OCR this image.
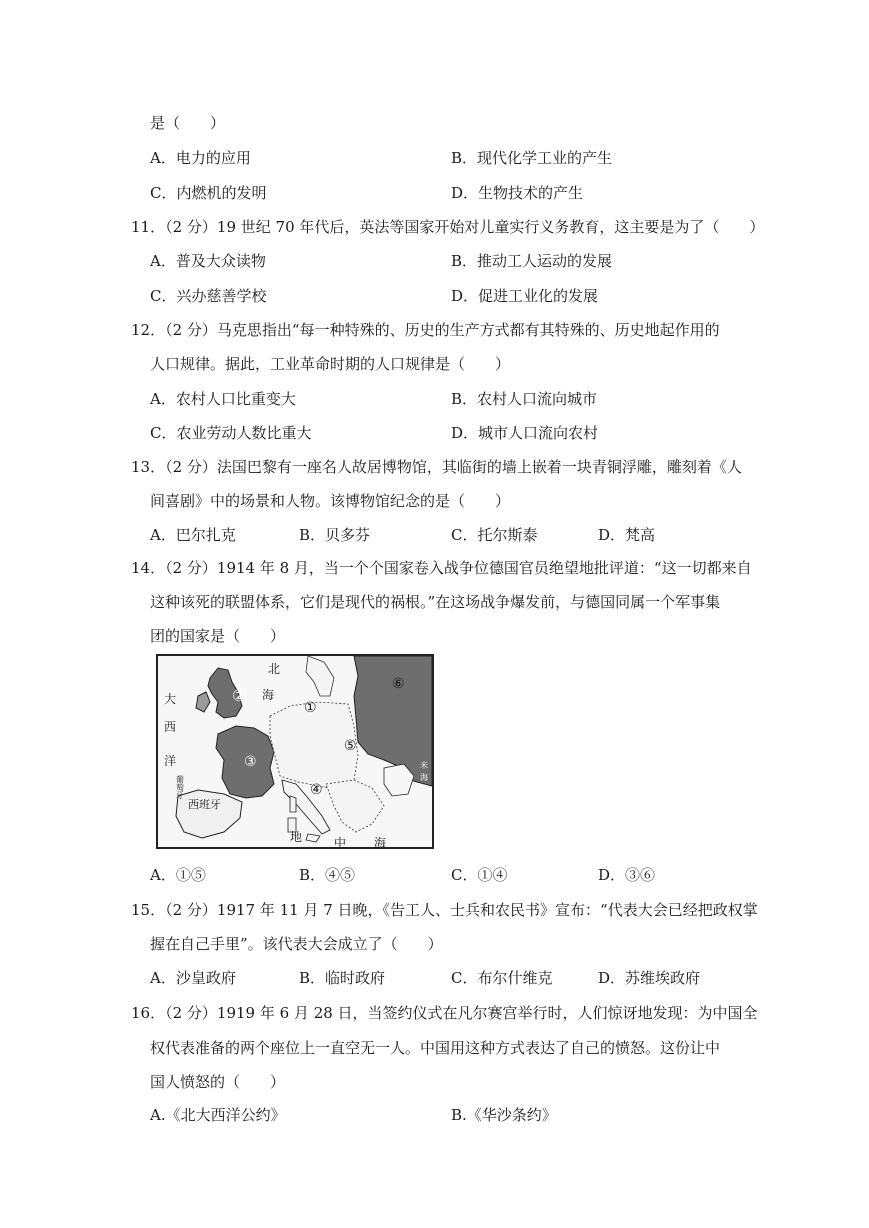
是（　　）
A．电力的应用	B．现代化学工业的产生
C．内燃机的发明	D．生物技术的产生
11．（2 分）19 世纪 70 年代后，英法等国家开始对儿童实行义务教育，这主要是为了（　　）
A．普及大众读物	B．推动工人运动的发展
C．兴办慈善学校	D．促进工业化的发展
12．（2 分）马克思指出“每一种特殊的、历史的生产方式都有其特殊的、历史地起作用的
人口规律。据此，工业革命时期的人口规律是（　　）
A．农村人口比重变大	B．农村人口流向城市
C．农业劳动人数比重大	D．城市人口流向农村
13．（2 分）法国巴黎有一座名人故居博物馆，其临街的墙上嵌着一块青铜浮雕，雕刻着《人
间喜剧》中的场景和人物。该博物馆纪念的是（　　）
A．巴尔扎克	B．贝多芬	C．托尔斯泰	D．梵高
14．（2 分）1914 年 8 月，当一个个国家卷入战争位德国官员绝望地批评道：“这一切都来自
这种该死的联盟体系，它们是现代的祸根。”在这场战争爆发前，与德国同属一个军事集
团的国家是（　　）
北
海
大
西
洋
西班牙
地	中 海
米
海
葡
萄
牙
①
②
③
④
⑤
⑥
A．①⑤	B．④⑤	C．①④	D．③⑥
15．（2 分）1917 年 11 月 7 日晚，《告工人、士兵和农民书》宣布：“代表大会已经把政权掌
握在自己手里”。该代表大会成立了（　　）
A．沙皇政府	B．临时政府	C．布尔什维克	D．苏维埃政府
16．（2 分）1919 年 6 月 28 日，当签约仪式在凡尔赛宫举行时，人们惊讶地发现：为中国全
权代表准备的两个座位上一直空无一人。中国用这种方式表达了自己的愤怒。这份让中
国人愤怒的（　　）
A.《北大西洋公约》	B.《华沙条约》
